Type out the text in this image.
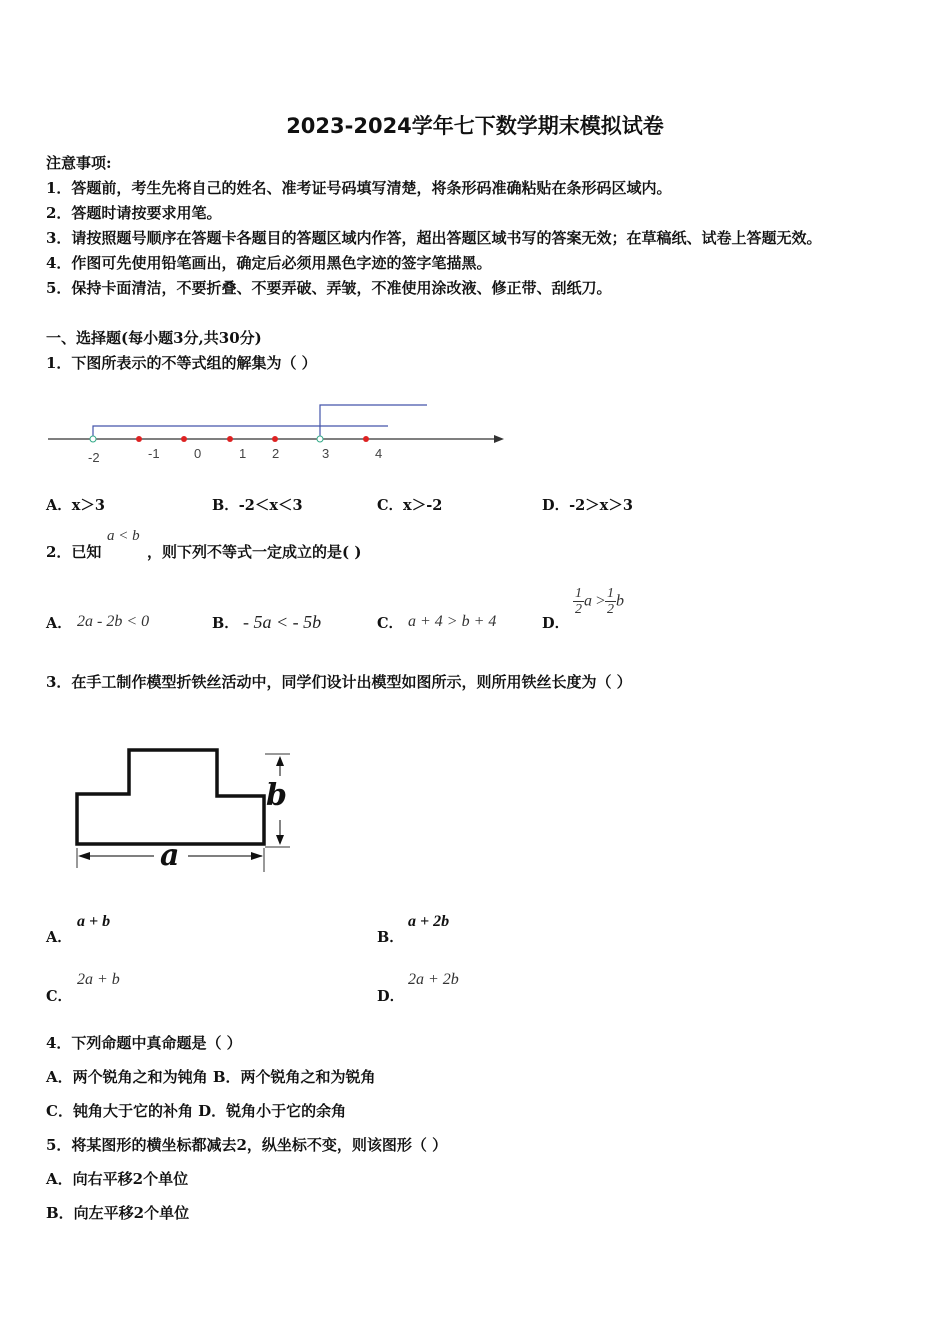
2023-2024学年七下数学期末模拟试卷
注意事项:
1．答题前，考生先将自己的姓名、准考证号码填写清楚，将条形码准确粘贴在条形码区域内。
2．答题时请按要求用笔。
3．请按照题号顺序在答题卡各题目的答题区域内作答，超出答题区域书写的答案无效；在草稿纸、试卷上答题无效。
4．作图可先使用铅笔画出，确定后必须用黑色字迹的签字笔描黑。
5．保持卡面清洁，不要折叠、不要弄破、弄皱，不准使用涂改液、修正带、刮纸刀。
一、选择题(每小题3分,共30分)
1．下图所表示的不等式组的解集为（ ）
-2	-1	0	1 2	3	4
A．x＞3	B．-2＜x＜3	C．x＞-2	D．-2＞x＞3
2．已知
a < b
，则下列不等式一定成立的是( )
A． 2a - 2b < 0	B． - 5a < - 5b	C． a + 4 > b + 4	D．
$\frac{1}{2}$ $a > \frac{1}{2}$ b
3．在手工制作模型折铁丝活动中，同学们设计出模型如图所示，则所用铁丝长度为（ ）
b
a
A．
a + b
B．
a + 2b
C．
2a + b
D．
2a + 2b
4．下列命题中真命题是（ ）
A．两个锐角之和为钝角 B．两个锐角之和为锐角
C．钝角大于它的补角 D．锐角小于它的余角
5．将某图形的横坐标都减去2，纵坐标不变，则该图形（ ）
A．向右平移2个单位
B．向左平移2个单位
